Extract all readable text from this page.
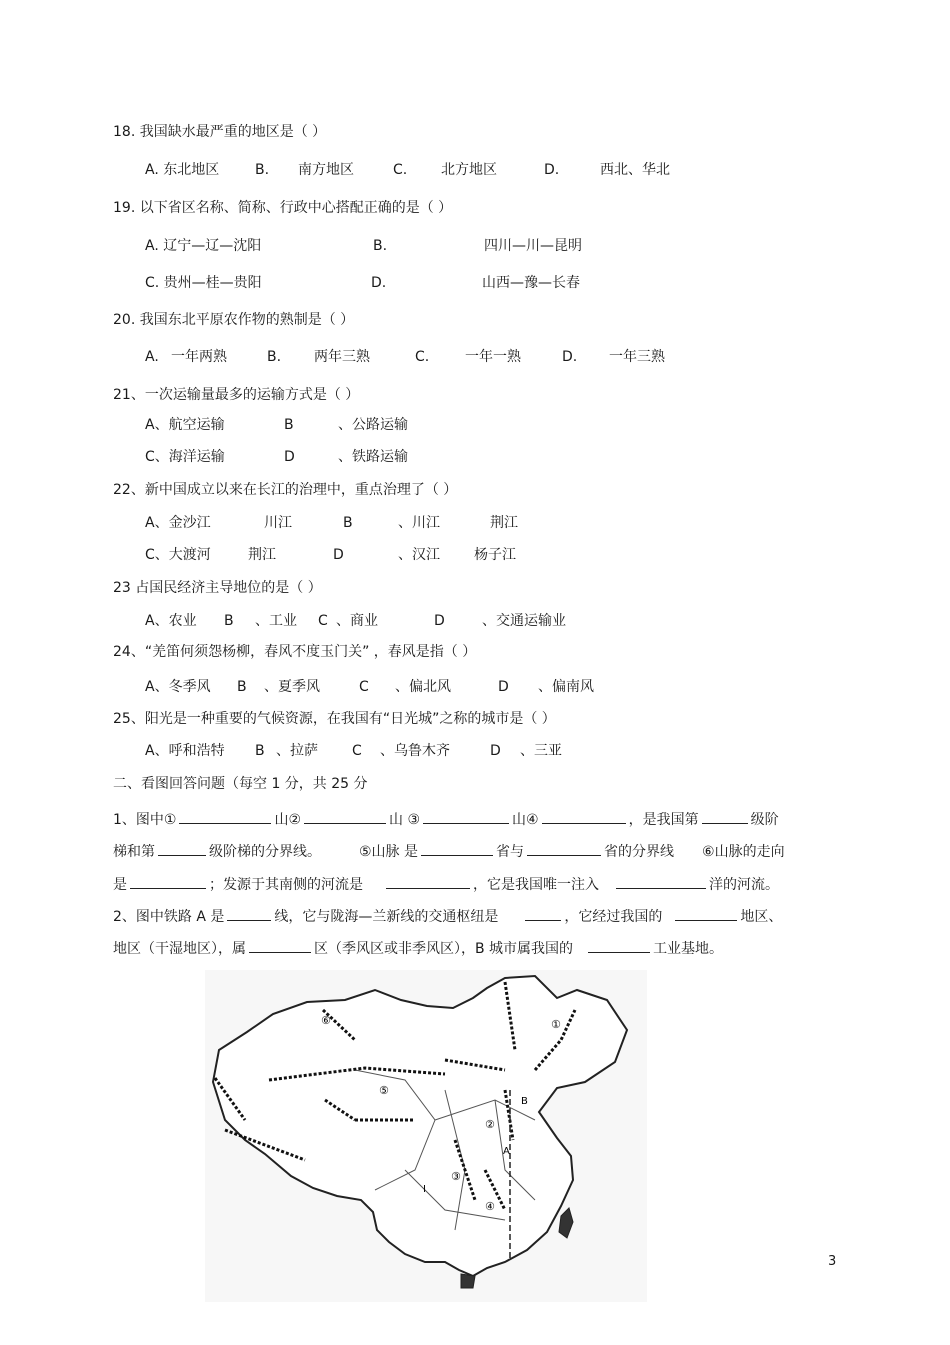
18. 我国缺水最严重的地区是（ ）
A. 东北地区	B. 南方地区	C. 北方地区	D.	西北、华北
19. 以下省区名称、简称、行政中心搭配正确的是（ ）
A. 辽宁—辽—沈阳	B.	四川—川—昆明
C. 贵州—桂—贵阳	D.	山西—豫—长春
20. 我国东北平原农作物的熟制是（ ）
A. 一年两熟	B. 两年三熟	C.	一年一熟	D. 一年三熟
21、一次运输量最多的运输方式是（ ）
A、航空运输	B	、公路运输
C、海洋运输	D	、铁路运输
22、新中国成立以来在长江的治理中，重点治理了（ ）
A、金沙江	川江	B	、川江	荆江
C、大渡河	荆江	D	、汉江 杨子江
23 占国民经济主导地位的是（ ）
A、农业 B 、工业 C 、商业	D	、交通运输业
24、“羌笛何须怨杨柳，春风不度玉门关” ，春风是指（ ）
A、冬季风 B 、夏季风	C 、偏北风	D 、偏南风
25、阳光是一种重要的气候资源，在我国有“日光城”之称的城市是（ ）
A、呼和浩特 B 、拉萨 C 、乌鲁木齐	D 、三亚
二、看图回答问题（每空 1 分，共 25 分
1、图中①	山②	山 ③	山④	，是我国第	级阶
梯和第	级阶梯的分界线。	⑤山脉 是	省与	省的分界线 ⑥山脉的走向
是	；发源于其南侧的河流是	，它是我国唯一注入	洋的河流。
2、图中铁路 A 是	线，它与陇海—兰新线的交通枢纽是	，它经过我国的	地区、
地区（干湿地区），属	区（季风区或非季风区），B 城市属我国的	工业基地。
①
②
③
④
⑤
⑥
A
B
I
3
